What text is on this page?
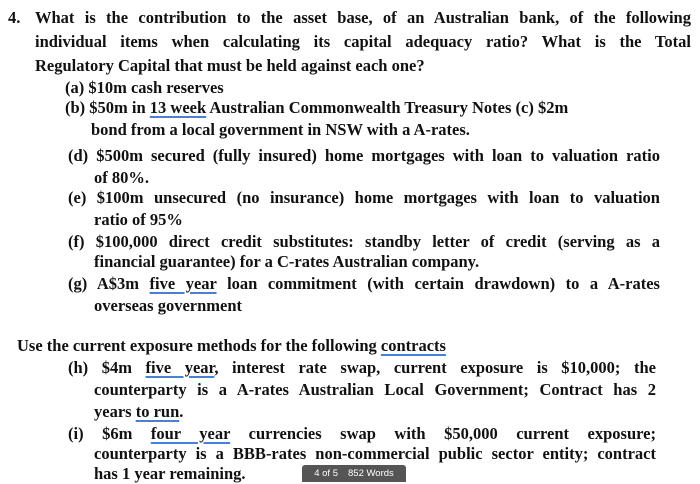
4. What is the contribution to the asset base, of an Australian bank, of the following
individual items when calculating its capital adequacy ratio? What is the Total
Regulatory Capital that must be held against each one?
(a) $10m cash reserves
(b) $50m in 13 week Australian Commonwealth Treasury Notes (c) $2m
bond from a local government in NSW with a A-rates.
(d) $500m secured (fully insured) home mortgages with loan to valuation ratio
of 80%.
(e) $100m unsecured (no insurance) home mortgages with loan to valuation
ratio of 95%
(f) $100,000 direct credit substitutes: standby letter of credit (serving as a
financial guarantee) for a C-rates Australian company.
(g) A$3m five year loan commitment (with certain drawdown) to a A-rates
overseas government
Use the current exposure methods for the following contracts
(h) $4m five year, interest rate swap, current exposure is $10,000; the
counterparty is a A-rates Australian Local Government; Contract has 2
years to run.
(i) $6m four year currencies swap with $50,000 current exposure;
counterparty is a BBB-rates non-commercial public sector entity; contract
has 1 year remaining.	4 of 5 852 Words
